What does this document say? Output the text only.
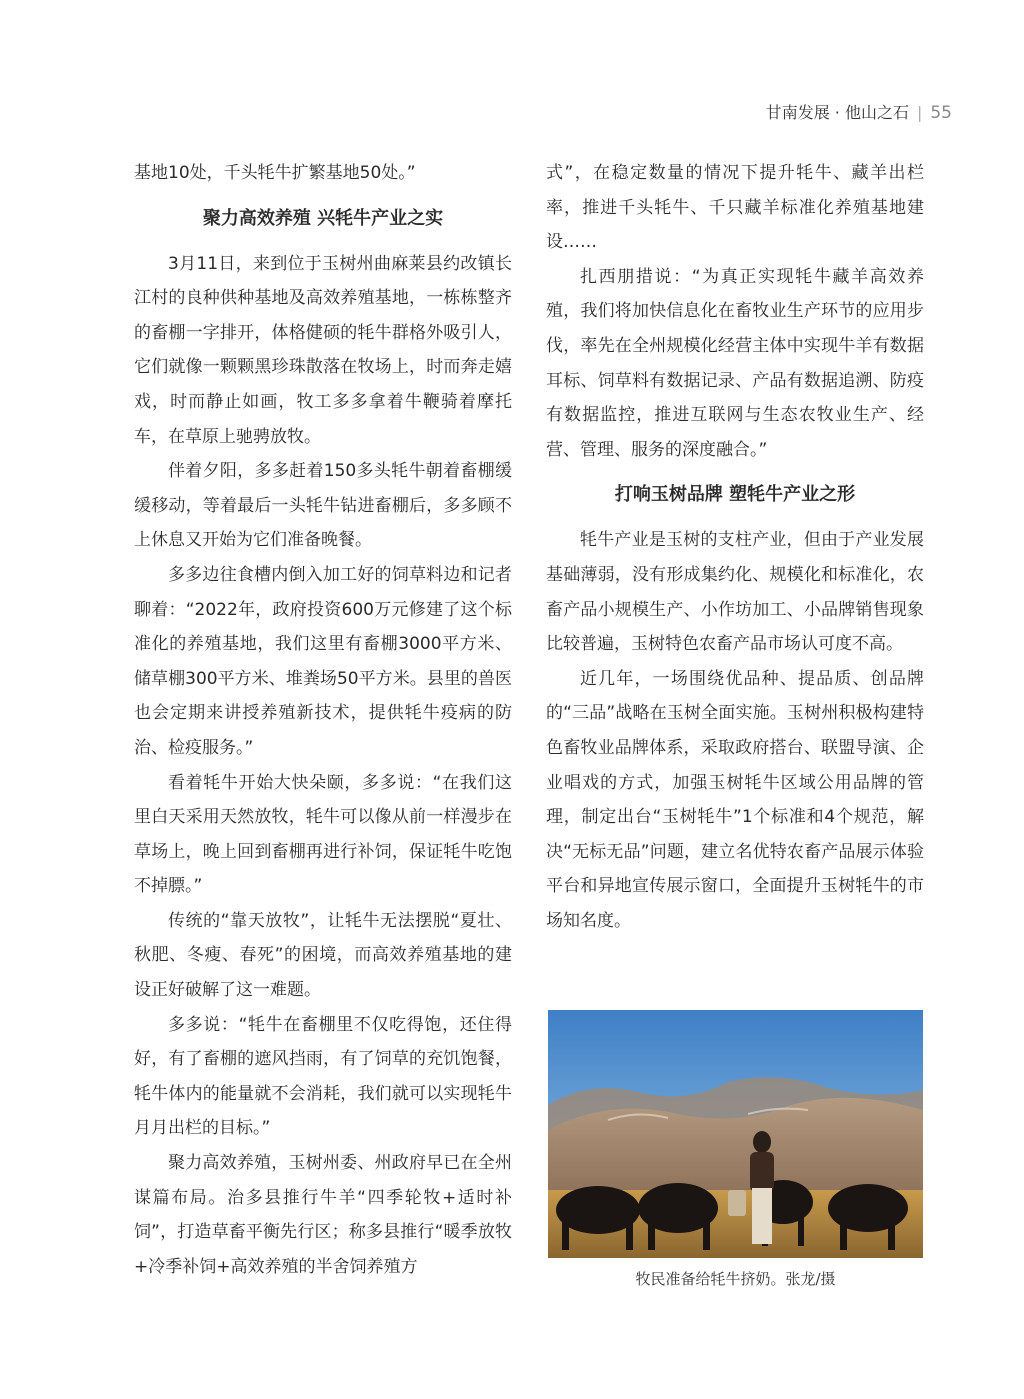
甘南发展 · 他山之石 | 55

基地10处，千头牦牛扩繁基地50处。”

聚力高效养殖 兴牦牛产业之实

3月11日，来到位于玉树州曲麻莱县约改镇长江村的良种供种基地及高效养殖基地，一栋栋整齐的畜棚一字排开，体格健硕的牦牛群格外吸引人，它们就像一颗颗黑珍珠散落在牧场上，时而奔走嬉戏，时而静止如画，牧工多多拿着牛鞭骑着摩托车，在草原上驰骋放牧。

伴着夕阳，多多赶着150多头牦牛朝着畜棚缓缓移动，等着最后一头牦牛钻进畜棚后，多多顾不上休息又开始为它们准备晚餐。

多多边往食槽内倒入加工好的饲草料边和记者聊着：“2022年，政府投资600万元修建了这个标准化的养殖基地，我们这里有畜棚3000平方米、储草棚300平方米、堆粪场50平方米。县里的兽医也会定期来讲授养殖新技术，提供牦牛疫病的防治、检疫服务。”

看着牦牛开始大快朵颐，多多说：“在我们这里白天采用天然放牧，牦牛可以像从前一样漫步在草场上，晚上回到畜棚再进行补饲，保证牦牛吃饱不掉膘。”

传统的“靠天放牧”，让牦牛无法摆脱“夏壮、秋肥、冬瘦、春死”的困境，而高效养殖基地的建设正好破解了这一难题。

多多说：“牦牛在畜棚里不仅吃得饱，还住得好，有了畜棚的遮风挡雨，有了饲草的充饥饱餐，牦牛体内的能量就不会消耗，我们就可以实现牦牛月月出栏的目标。”

聚力高效养殖，玉树州委、州政府早已在全州谋篇布局。治多县推行牛羊“四季轮牧+适时补饲”，打造草畜平衡先行区；称多县推行“暖季放牧+冷季补饲+高效养殖的半舍饲养殖方

式”，在稳定数量的情况下提升牦牛、藏羊出栏率，推进千头牦牛、千只藏羊标准化养殖基地建设……

扎西朋措说：“为真正实现牦牛藏羊高效养殖，我们将加快信息化在畜牧业生产环节的应用步伐，率先在全州规模化经营主体中实现牛羊有数据耳标、饲草料有数据记录、产品有数据追溯、防疫有数据监控，推进互联网与生态农牧业生产、经营、管理、服务的深度融合。”

打响玉树品牌 塑牦牛产业之形

牦牛产业是玉树的支柱产业，但由于产业发展基础薄弱，没有形成集约化、规模化和标准化，农畜产品小规模生产、小作坊加工、小品牌销售现象比较普遍，玉树特色农畜产品市场认可度不高。

近几年，一场围绕优品种、提品质、创品牌的“三品”战略在玉树全面实施。玉树州积极构建特色畜牧业品牌体系，采取政府搭台、联盟导演、企业唱戏的方式，加强玉树牦牛区域公用品牌的管理，制定出台“玉树牦牛”1个标准和4个规范，解决“无标无品”问题，建立名优特农畜产品展示体验平台和异地宣传展示窗口，全面提升玉树牦牛的市场知名度。

牧民准备给牦牛挤奶。张龙/摄
